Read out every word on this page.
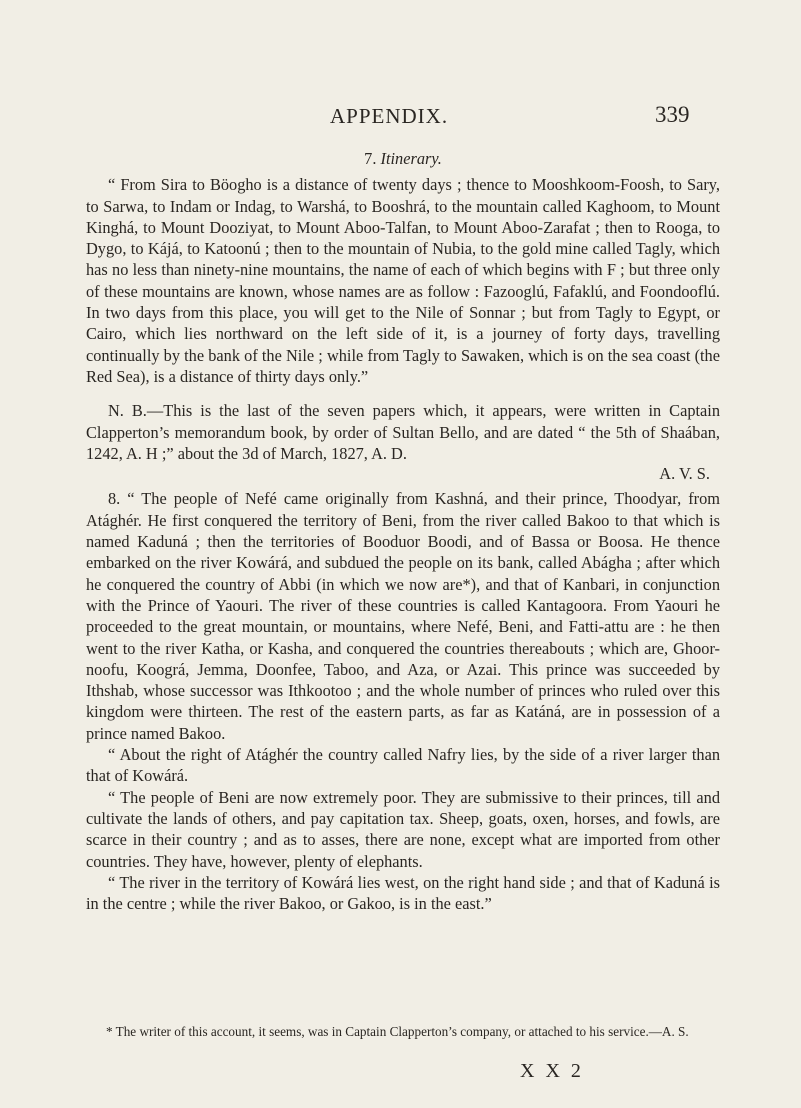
APPENDIX.	339

7. Itinerary.

“ From Sira to Böogho is a distance of twenty days ; thence to Mooshkoom-Foosh, to Sary, to Sarwa, to Indam or Indag, to Warshá, to Booshrá, to the mountain called Kaghoom, to Mount Kinghá, to Mount Dooziyat, to Mount Aboo-Talfan, to Mount Aboo-Zarafat ; then to Rooga, to Dygo, to Kájá, to Katoonú ; then to the mountain of Nubia, to the gold mine called Tagly, which has no less than ninety-nine mountains, the name of each of which begins with F ; but three only of these mountains are known, whose names are as follow : Fazooglú, Fafaklú, and Foondooflú. In two days from this place, you will get to the Nile of Sonnar ; but from Tagly to Egypt, or Cairo, which lies northward on the left side of it, is a journey of forty days, travelling continually by the bank of the Nile ; while from Tagly to Sawaken, which is on the sea coast (the Red Sea), is a distance of thirty days only.”

N. B.—This is the last of the seven papers which, it appears, were written in Captain Clapperton’s memorandum book, by order of Sultan Bello, and are dated “ the 5th of Shaában, 1242, A. H ;” about the 3d of March, 1827, A. D.

A. V. S.

8. “ The people of Nefé came originally from Kashná, and their prince, Thoodyar, from Atághér. He first conquered the territory of Beni, from the river called Bakoo to that which is named Kaduná ; then the territories of Booduor Boodi, and of Bassa or Boosa. He thence embarked on the river Kowárá, and subdued the people on its bank, called Abágha ; after which he conquered the country of Abbi (in which we now are*), and that of Kanbari, in conjunction with the Prince of Yaouri. The river of these countries is called Kantagoora. From Yaouri he proceeded to the great mountain, or mountains, where Nefé, Beni, and Fatti-attu are : he then went to the river Katha, or Kasha, and conquered the countries thereabouts ; which are, Ghoor-noofu, Koográ, Jemma, Doonfee, Taboo, and Aza, or Azai. This prince was succeeded by Ithshab, whose successor was Ithkootoo ; and the whole number of princes who ruled over this kingdom were thirteen. The rest of the eastern parts, as far as Katáná, are in possession of a prince named Bakoo.

“ About the right of Atághér the country called Nafry lies, by the side of a river larger than that of Kowárá.

“ The people of Beni are now extremely poor. They are submissive to their princes, till and cultivate the lands of others, and pay capitation tax. Sheep, goats, oxen, horses, and fowls, are scarce in their country ; and as to asses, there are none, except what are imported from other countries. They have, however, plenty of elephants.

“ The river in the territory of Kowárá lies west, on the right hand side ; and that of Kaduná is in the centre ; while the river Bakoo, or Gakoo, is in the east.”

* The writer of this account, it seems, was in Captain Clapperton’s company, or attached to his service.—A. S.

X X 2
